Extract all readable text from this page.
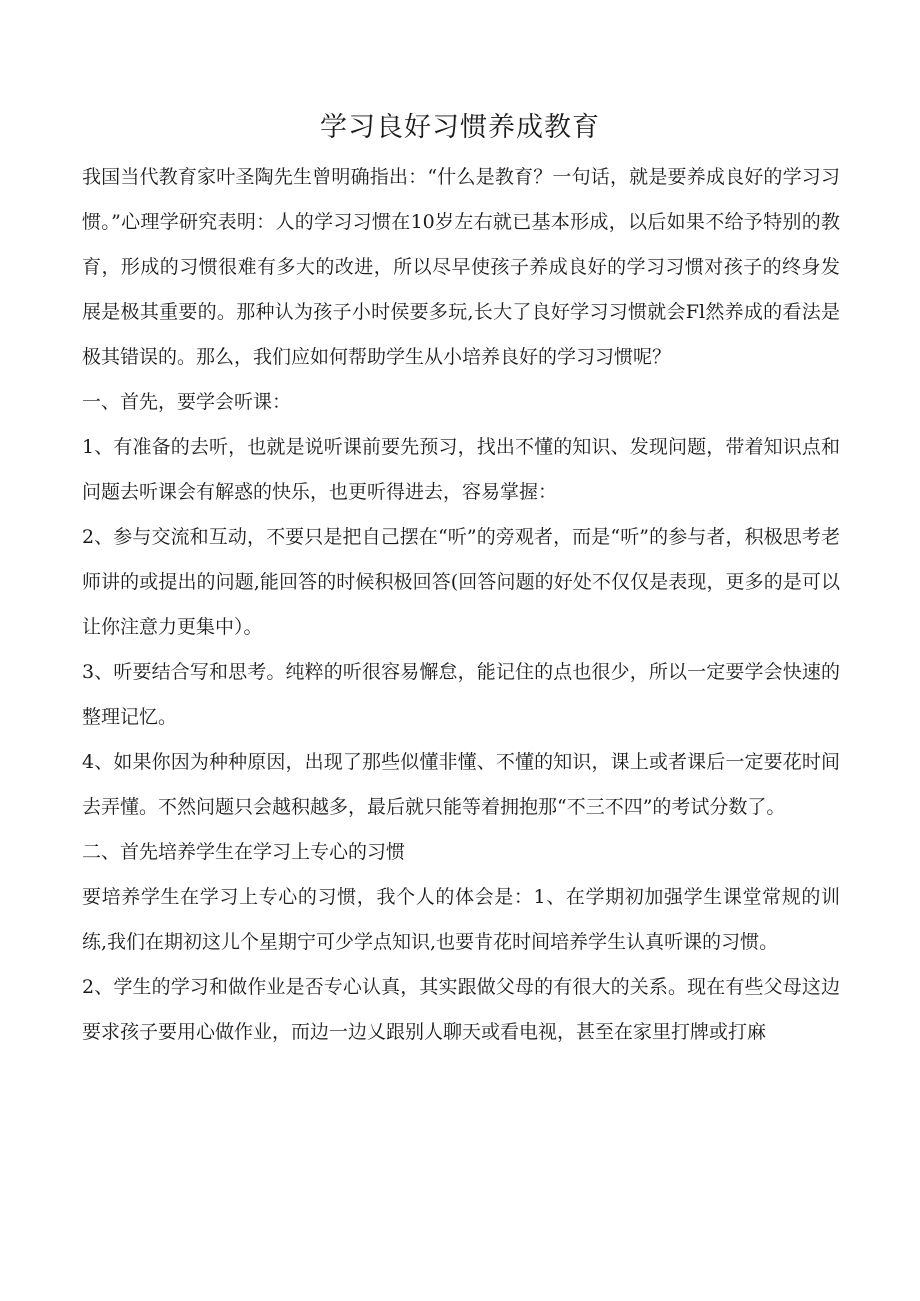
学习良好习惯养成教育

我国当代教育家叶圣陶先生曾明确指出：“什么是教育？一句话，就是要养成良好的学习习惯。”心理学研究表明：人的学习习惯在10岁左右就已基本形成，以后如果不给予特别的教育，形成的习惯很难有多大的改进，所以尽早使孩子养成良好的学习习惯对孩子的终身发展是极其重要的。那种认为孩子小时侯要多玩,长大了良好学习习惯就会Fl然养成的看法是极其错误的。那么，我们应如何帮助学生从小培养良好的学习习惯呢？

一、首先，要学会听课：

1、有准备的去听，也就是说听课前要先预习，找出不懂的知识、发现问题，带着知识点和问题去听课会有解惑的快乐，也更听得进去，容易掌握：

2、参与交流和互动，不要只是把自己摆在“听”的旁观者，而是“听”的参与者，积极思考老师讲的或提出的问题,能回答的时候积极回答(回答问题的好处不仅仅是表现，更多的是可以让你注意力更集中）。

3、听要结合写和思考。纯粹的听很容易懈怠，能记住的点也很少，所以一定要学会快速的整理记忆。

4、如果你因为种种原因，出现了那些似懂非懂、不懂的知识，课上或者课后一定要花时间去弄懂。不然问题只会越积越多，最后就只能等着拥抱那“不三不四”的考试分数了。

二、首先培养学生在学习上专心的习惯

要培养学生在学习上专心的习惯，我个人的体会是：1、在学期初加强学生课堂常规的训练,我们在期初这儿个星期宁可少学点知识,也要肯花时间培养学生认真听课的习惯。

2、学生的学习和做作业是否专心认真，其实跟做父母的有很大的关系。现在有些父母这边要求孩子要用心做作业，而边一边乂跟别人聊天或看电视，甚至在家里打牌或打麻
